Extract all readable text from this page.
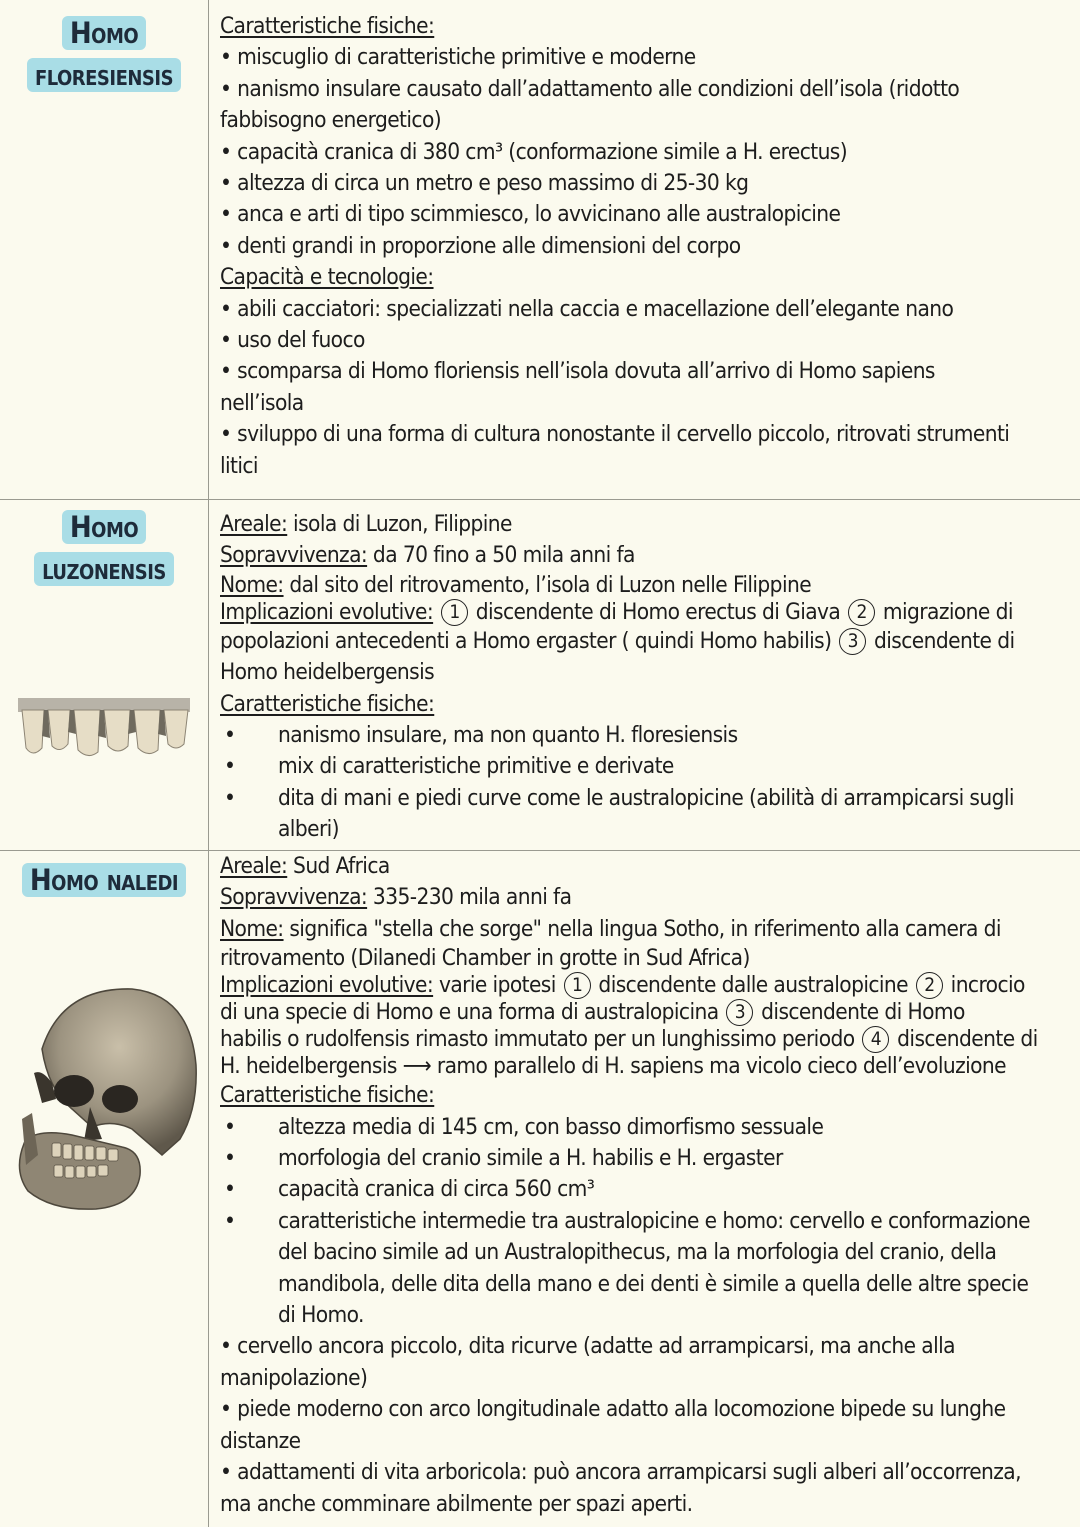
Homo
floresiensis

Caratteristiche fisiche:

• miscuglio di caratteristiche primitive e moderne

• nanismo insulare causato dall’adattamento alle condizioni dell’isola (ridotto

fabbisogno energetico)

• capacità cranica di 380 cm³ (conformazione simile a H. erectus)

• altezza di circa un metro e peso massimo di 25-30 kg

• anca e arti di tipo scimmiesco, lo avvicinano alle australopicine

• denti grandi in proporzione alle dimensioni del corpo

Capacità e tecnologie:

• abili cacciatori: specializzati nella caccia e macellazione dell’elegante nano

• uso del fuoco

• scomparsa di Homo floriensis nell’isola dovuta all’arrivo di Homo sapiens

nell’isola

• sviluppo di una forma di cultura nonostante il cervello piccolo, ritrovati strumenti

litici

Homo
luzonensis

Areale: isola di Luzon, Filippine

Sopravvivenza: da 70 fino a 50 mila anni fa

Nome: dal sito del ritrovamento, l’isola di Luzon nelle Filippine

Implicazioni evolutive: 1 discendente di Homo erectus di Giava 2 migrazione di

popolazioni antecedenti a Homo ergaster ( quindi Homo habilis) 3 discendente di

Homo heidelbergensis

Caratteristiche fisiche:

• nanismo insulare, ma non quanto H. floresiensis

• mix di caratteristiche primitive e derivate

• dita di mani e piedi curve come le australopicine (abilità di arrampicarsi sugli

alberi)

Homo naledi	Areale: Sud Africa

Sopravvivenza: 335-230 mila anni fa

Nome: significa "stella che sorge" nella lingua Sotho, in riferimento alla camera di

ritrovamento (Dilanedi Chamber in grotte in Sud Africa)

Implicazioni evolutive: varie ipotesi 1 discendente dalle australopicine 2 incrocio

di una specie di Homo e una forma di australopicina 3 discendente di Homo

habilis o rudolfensis rimasto immutato per un lunghissimo periodo 4 discendente di

H. heidelbergensis ⟶ ramo parallelo di H. sapiens ma vicolo cieco dell’evoluzione

Caratteristiche fisiche:

• altezza media di 145 cm, con basso dimorfismo sessuale

• morfologia del cranio simile a H. habilis e H. ergaster

• capacità cranica di circa 560 cm³

• caratteristiche intermedie tra australopicine e homo: cervello e conformazione

del bacino simile ad un Australopithecus, ma la morfologia del cranio, della

mandibola, delle dita della mano e dei denti è simile a quella delle altre specie

di Homo.

• cervello ancora piccolo, dita ricurve (adatte ad arrampicarsi, ma anche alla

manipolazione)

• piede moderno con arco longitudinale adatto alla locomozione bipede su lunghe

distanze

• adattamenti di vita arboricola: può ancora arrampicarsi sugli alberi all’occorrenza,

ma anche comminare abilmente per spazi aperti.
